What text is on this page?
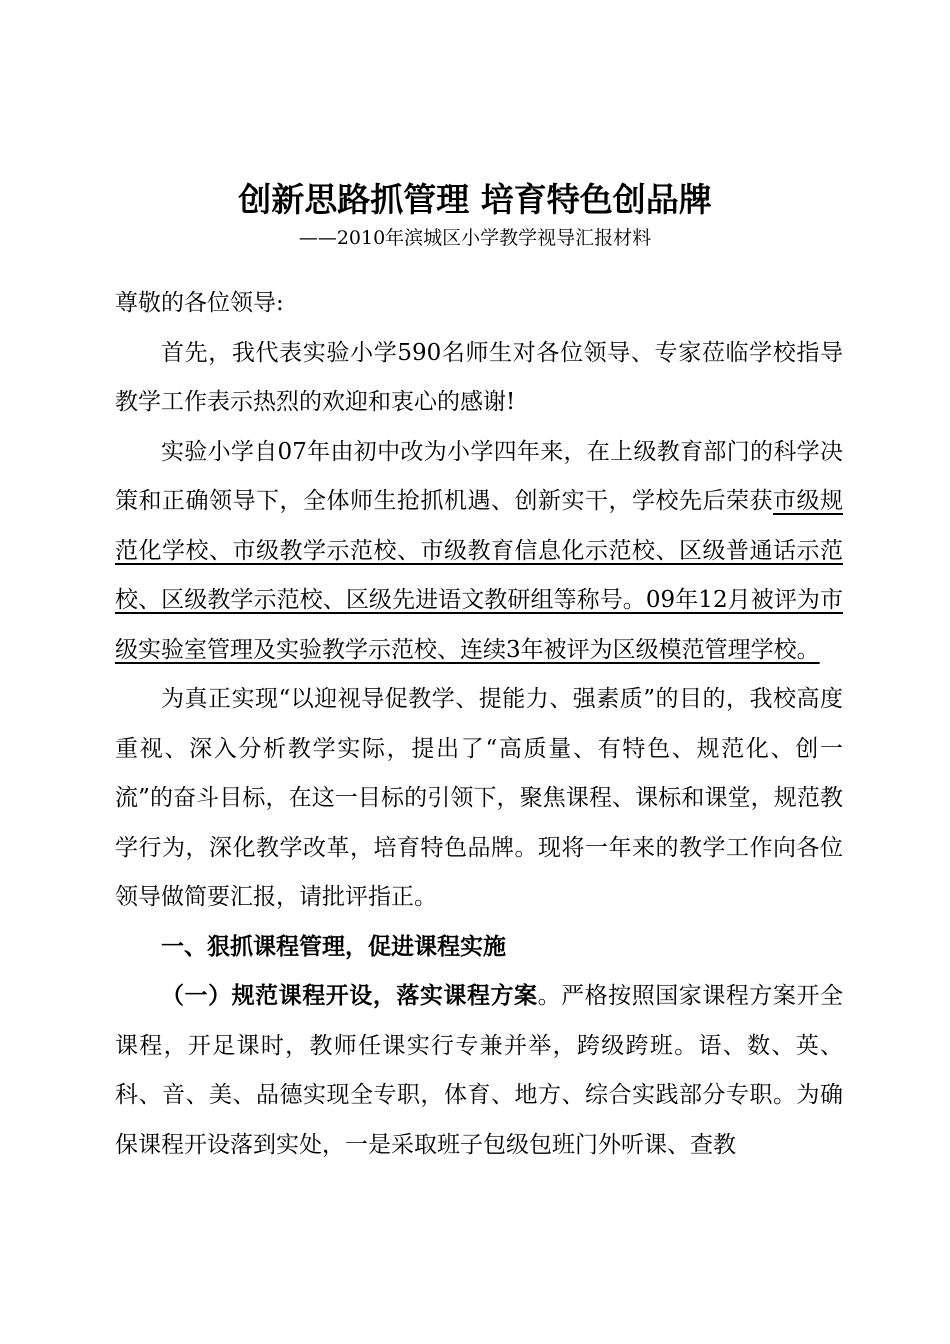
创新思路抓管理 培育特色创品牌
——2010年滨城区小学教学视导汇报材料

尊敬的各位领导:

首先，我代表实验小学590名师生对各位领导、专家莅临学校指导教学工作表示热烈的欢迎和衷心的感谢!

实验小学自07年由初中改为小学四年来，在上级教育部门的科学决策和正确领导下，全体师生抢抓机遇、创新实干，学校先后荣获市级规范化学校、市级教学示范校、市级教育信息化示范校、区级普通话示范校、区级教学示范校、区级先进语文教研组等称号。09年12月被评为市级实验室管理及实验教学示范校、连续3年被评为区级模范管理学校。

为真正实现“以迎视导促教学、提能力、强素质”的目的，我校高度重视、深入分析教学实际，提出了“高质量、有特色、规范化、创一流”的奋斗目标，在这一目标的引领下，聚焦课程、课标和课堂，规范教学行为，深化教学改革，培育特色品牌。现将一年来的教学工作向各位领导做简要汇报，请批评指正。

一、狠抓课程管理，促进课程实施

（一）规范课程开设，落实课程方案。严格按照国家课程方案开全课程，开足课时，教师任课实行专兼并举，跨级跨班。语、数、英、科、音、美、品德实现全专职，体育、地方、综合实践部分专职。为确保课程开设落到实处，一是采取班子包级包班门外听课、查教
